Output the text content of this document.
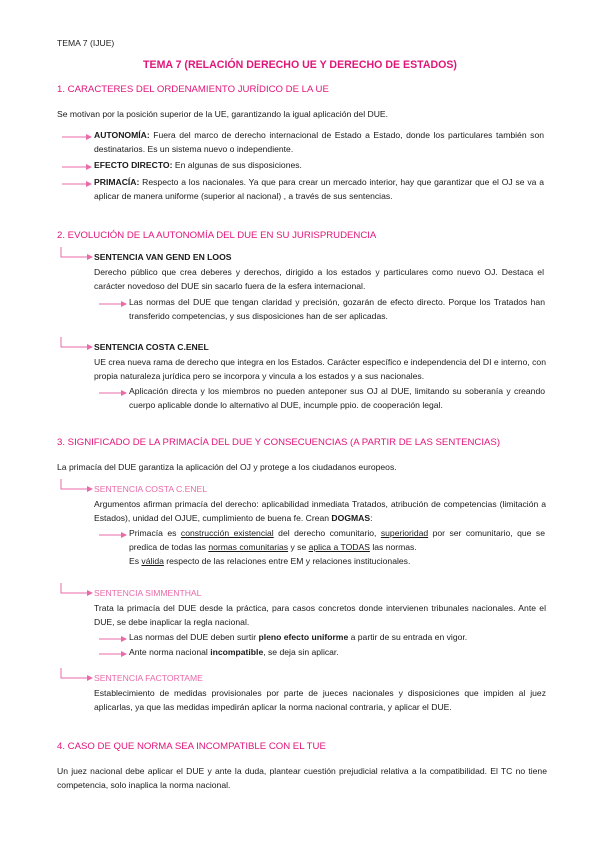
TEMA 7 (IJUE)
TEMA 7 (RELACIÓN DERECHO UE Y DERECHO DE ESTADOS)
1. CARACTERES DEL ORDENAMIENTO JURÍDICO DE LA UE
Se motivan por la posición superior de la UE, garantizando la igual aplicación del DUE.
AUTONOMÍA: Fuera del marco de derecho internacional de Estado a Estado, donde los particulares también son destinatarios. Es un sistema nuevo o independiente.
EFECTO DIRECTO: En algunas de sus disposiciones.
PRIMACÍA: Respecto a los nacionales. Ya que para crear un mercado interior, hay que garantizar que el OJ se va a aplicar de manera uniforme (superior al nacional) , a través de sus sentencias.
2. EVOLUCIÓN DE LA AUTONOMÍA DEL DUE EN SU JURISPRUDENCIA
SENTENCIA VAN GEND EN LOOS
Derecho público que crea deberes y derechos, dirigido a los estados y particulares como nuevo OJ. Destaca el carácter novedoso del DUE sin sacarlo fuera de la esfera internacional.
Las normas del DUE que tengan claridad y precisión, gozarán de efecto directo. Porque los Tratados han transferido competencias, y sus disposiciones han de ser aplicadas.
SENTENCIA COSTA C.ENEL
UE crea nueva rama de derecho que integra en los Estados. Carácter específico e independencia del DI e interno, con propia naturaleza jurídica pero se incorpora y vincula a los estados y a sus nacionales.
Aplicación directa y los miembros no pueden anteponer sus OJ al DUE, limitando su soberanía y creando cuerpo aplicable donde lo alternativo al DUE, incumple ppio. de cooperación legal.
3. SIGNIFICADO DE LA PRIMACÍA DEL DUE Y CONSECUENCIAS (A PARTIR DE LAS SENTENCIAS)
La primacía del DUE garantiza la aplicación del OJ y protege a los ciudadanos europeos.
SENTENCIA COSTA C.ENEL
Argumentos afirman primacía del derecho: aplicabilidad inmediata Tratados, atribución de competencias (limitación a Estados), unidad del OJUE, cumplimiento de buena fe. Crean DOGMAS:
Primacía es construcción existencial del derecho comunitario, superioridad por ser comunitario, que se predica de todas las normas comunitarias y se aplica a TODAS las normas.
Es válida respecto de las relaciones entre EM y relaciones institucionales.
SENTENCIA SIMMENTHAL
Trata la primacía del DUE desde la práctica, para casos concretos donde intervienen tribunales nacionales. Ante el DUE, se debe inaplicar la regla nacional.
Las normas del DUE deben surtir pleno efecto uniforme a partir de su entrada en vigor.
Ante norma nacional incompatible, se deja sin aplicar.
SENTENCIA FACTORTAME
Establecimiento de medidas provisionales por parte de jueces nacionales y disposiciones que impiden al juez aplicarlas, ya que las medidas impedirán aplicar la norma nacional contraria, y aplicar el DUE.
4. CASO DE QUE NORMA SEA INCOMPATIBLE CON EL TUE
Un juez nacional debe aplicar el DUE y ante la duda, plantear cuestión prejudicial relativa a la compatibilidad. El TC no tiene competencia, solo inaplica la norma nacional.
